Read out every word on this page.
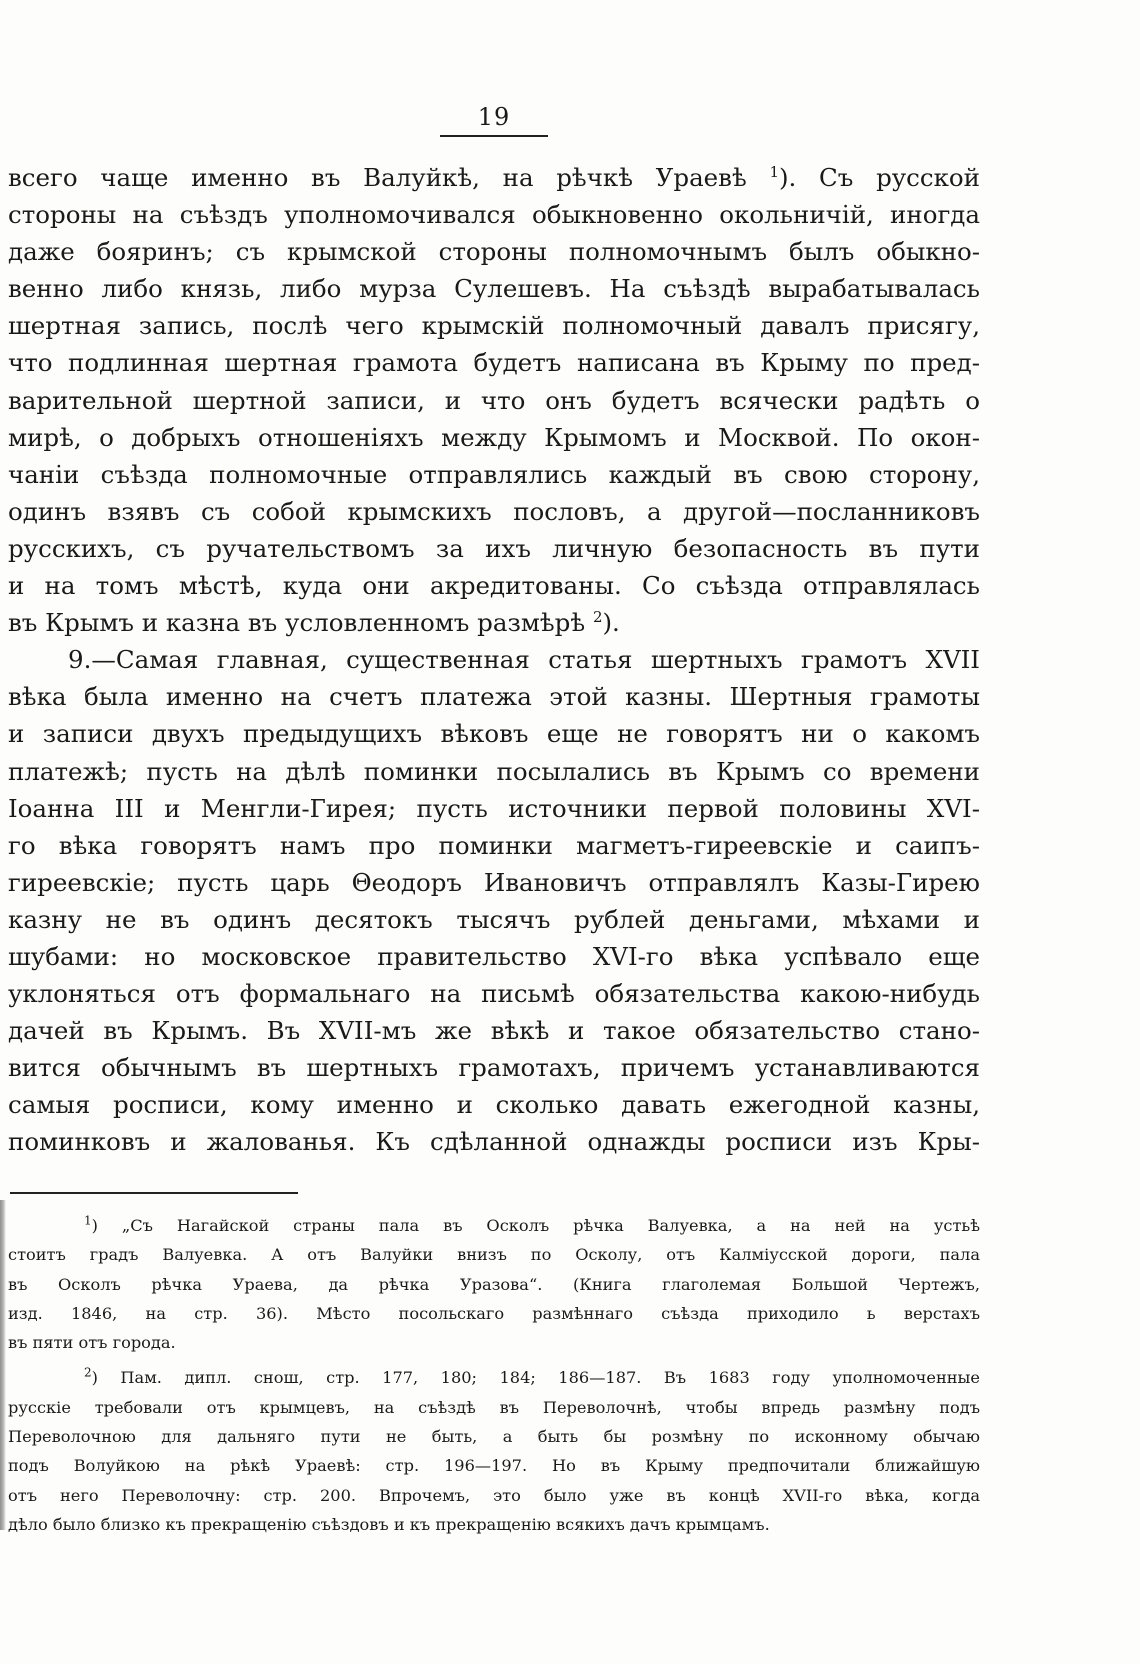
19
всего чаще именно въ Валуйкѣ, на рѣчкѣ Ураевѣ $^1$). Съ русской
стороны на съѣздъ уполномочивался обыкновенно окольничій, иногда
даже бояринъ; съ крымской стороны полномочнымъ былъ обыкно-
венно либо князь, либо мурза Сулешевъ. На съѣздѣ вырабатывалась
шертная запись, послѣ чего крымскій полномочный давалъ присягу,
что подлинная шертная грамота будетъ написана въ Крыму по пред-
варительной шертной записи, и что онъ будетъ всячески радѣть о
мирѣ, о добрыхъ отношеніяхъ между Крымомъ и Москвой. По окон-
чаніи съѣзда полномочные отправлялись каждый въ свою сторону,
одинъ взявъ съ собой крымскихъ пословъ, а другой—посланниковъ
русскихъ, съ ручательствомъ за ихъ личную безопасность въ пути
и на томъ мѣстѣ, куда они акредитованы. Со съѣзда отправлялась
въ Крымъ и казна въ условленномъ размѣрѣ $^2$).
9.—Самая главная, существенная статья шертныхъ грамотъ XVII
вѣка была именно на счетъ платежа этой казны. Шертныя грамоты
и записи двухъ предыдущихъ вѣковъ еще не говорятъ ни о какомъ
платежѣ; пусть на дѣлѣ поминки посылались въ Крымъ со времени
Іоанна III и Менгли-Гирея; пусть источники первой половины XVI-
го вѣка говорятъ намъ про поминки магметъ-гиреевскіе и саипъ-
гиреевскіе; пусть царь Θеодоръ Ивановичъ отправлялъ Казы-Гирею
казну не въ одинъ десятокъ тысячъ рублей деньгами, мѣхами и
шубами: но московское правительство XVI-го вѣка успѣвало еще
уклоняться отъ формальнаго на письмѣ обязательства какою-нибудь
дачей въ Крымъ. Въ XVII-мъ же вѣкѣ и такое обязательство стано-
вится обычнымъ въ шертныхъ грамотахъ, причемъ устанавливаются
самыя росписи, кому именно и сколько давать ежегодной казны,
поминковъ и жалованья. Къ сдѣланной однажды росписи изъ Кры-
$^1$) „Съ Нагайской страны пала въ Осколъ рѣчка Валуевка, а на ней на устьѣ
стоитъ градъ Валуевка. А отъ Валуйки внизъ по Осколу, отъ Калміусской дороги, пала
въ Осколъ рѣчка Ураева, да рѣчка Уразова“. (Книга глаголемая Большой Чертежъ,
изд. 1846, на стр. 36). Мѣсто посольскаго размѣннаго съѣзда приходило ь верстахъ
въ пяти отъ города.
$^2$) Пам. дипл. снош, стр. 177, 180; 184; 186—187. Въ 1683 году уполномоченные
русскіе требовали отъ крымцевъ, на съѣздѣ въ Переволочнѣ, чтобы впредь размѣну подъ
Переволочною для дальняго пути не быть, а быть бы розмѣну по исконному обычаю
подъ Волуйкою на рѣкѣ Ураевѣ: стр. 196—197. Но въ Крыму предпочитали ближайшую
отъ него Переволочну: стр. 200. Впрочемъ, это было уже въ концѣ XVII-го вѣка, когда
дѣло было близко къ прекращенію съѣздовъ и къ прекращенію всякихъ дачъ крымцамъ.
